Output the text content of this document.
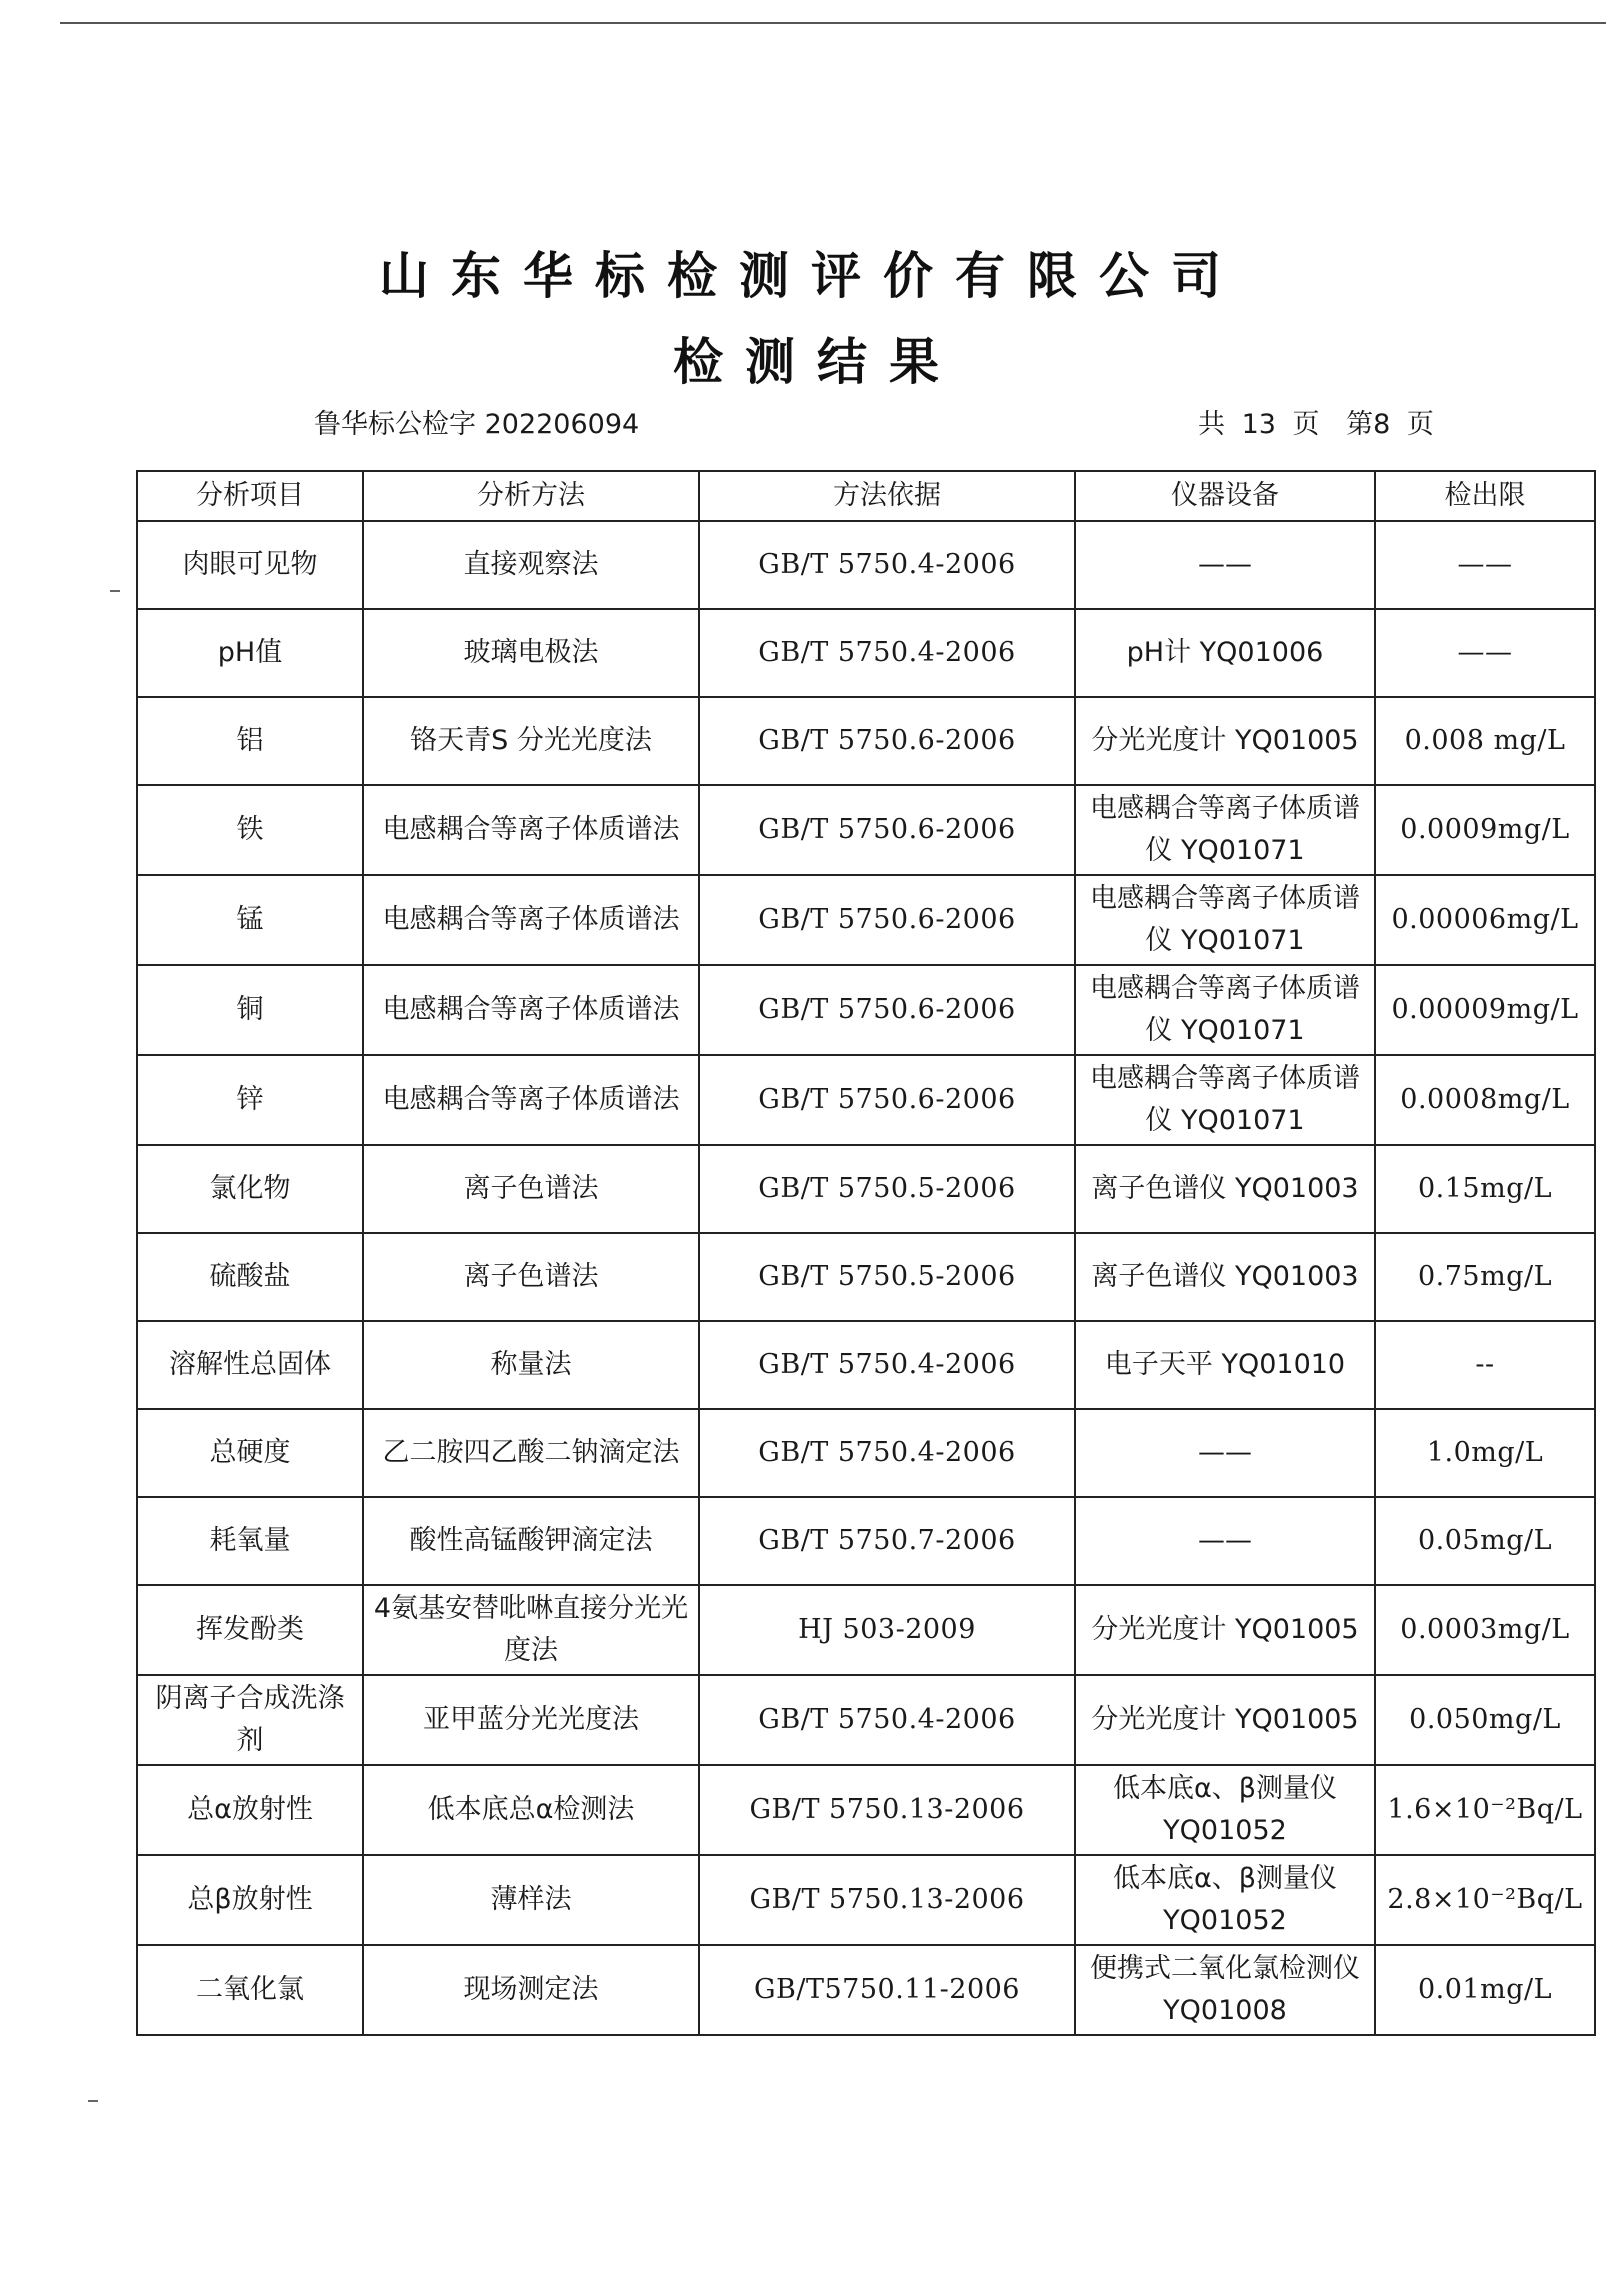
山东华标检测评价有限公司
检测结果
鲁华标公检字 202206094	共 13 页 第8 页
分析项目	分析方法	方法依据	仪器设备	检出限
肉眼可见物	直接观察法	GB/T 5750.4-2006	——	——
pH值	玻璃电极法	GB/T 5750.4-2006	pH计 YQ01006	——
铝	铬天青S 分光光度法	GB/T 5750.6-2006	分光光度计 YQ01005	0.008 mg/L
铁	电感耦合等离子体质谱法	GB/T 5750.6-2006	电感耦合等离子体质谱仪 YQ01071	0.0009mg/L
锰	电感耦合等离子体质谱法	GB/T 5750.6-2006	电感耦合等离子体质谱仪 YQ01071	0.00006mg/L
铜	电感耦合等离子体质谱法	GB/T 5750.6-2006	电感耦合等离子体质谱仪 YQ01071	0.00009mg/L
锌	电感耦合等离子体质谱法	GB/T 5750.6-2006	电感耦合等离子体质谱仪 YQ01071	0.0008mg/L
氯化物	离子色谱法	GB/T 5750.5-2006	离子色谱仪 YQ01003	0.15mg/L
硫酸盐	离子色谱法	GB/T 5750.5-2006	离子色谱仪 YQ01003	0.75mg/L
溶解性总固体	称量法	GB/T 5750.4-2006	电子天平 YQ01010	--
总硬度	乙二胺四乙酸二钠滴定法	GB/T 5750.4-2006	——	1.0mg/L
耗氧量	酸性高锰酸钾滴定法	GB/T 5750.7-2006	——	0.05mg/L
挥发酚类	4氨基安替吡啉直接分光光度法	HJ 503-2009	分光光度计 YQ01005	0.0003mg/L
阴离子合成洗涤剂	亚甲蓝分光光度法	GB/T 5750.4-2006	分光光度计 YQ01005	0.050mg/L
总α放射性	低本底总α检测法	GB/T 5750.13-2006	低本底α、β测量仪 YQ01052	1.6×10⁻²Bq/L
总β放射性	薄样法	GB/T 5750.13-2006	低本底α、β测量仪 YQ01052	2.8×10⁻²Bq/L
二氧化氯	现场测定法	GB/T5750.11-2006	便携式二氧化氯检测仪 YQ01008	0.01mg/L
